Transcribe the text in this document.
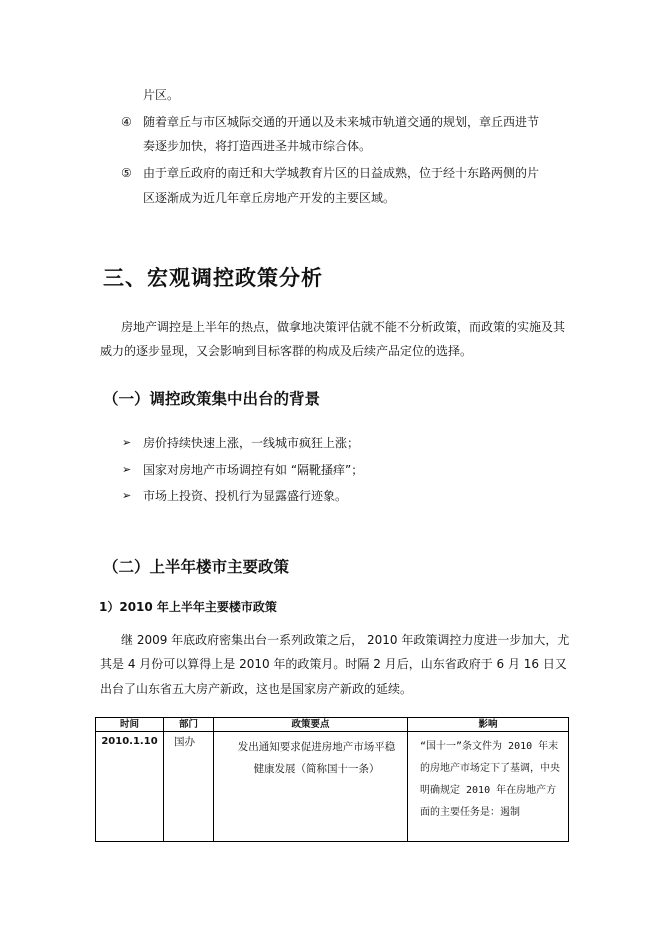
片区。
④ 随着章丘与市区城际交通的开通以及未来城市轨道交通的规划，章丘西进节
奏逐步加快，将打造西进圣井城市综合体。
⑤ 由于章丘政府的南迁和大学城教育片区的日益成熟，位于经十东路两侧的片
区逐渐成为近几年章丘房地产开发的主要区域。
三、宏观调控政策分析
房地产调控是上半年的热点，做拿地决策评估就不能不分析政策，而政策的实施及其
威力的逐步显现，又会影响到目标客群的构成及后续产品定位的选择。
（一）调控政策集中出台的背景
➢ 房价持续快速上涨，一线城市疯狂上涨；
➢ 国家对房地产市场调控有如 “隔靴搔痒”；
➢ 市场上投资、投机行为显露盛行迹象。
（二）上半年楼市主要政策
1）2010 年上半年主要楼市政策
继 2009 年底政府密集出台一系列政策之后， 2010 年政策调控力度进一步加大，尤
其是 4 月份可以算得上是 2010 年的政策月。时隔 2 月后，山东省政府于 6 月 16 日又
出台了山东省五大房产新政，这也是国家房产新政的延续。
时间	部门	政策要点	影响
2010.1.10	国办	发出通知要求促进房地产市场平稳健康发展（简称国十一条）	“国十一”条文件为 2010 年末的房地产市场定下了基调，中央明确规定 2010 年在房地产方面的主要任务是：遏制
